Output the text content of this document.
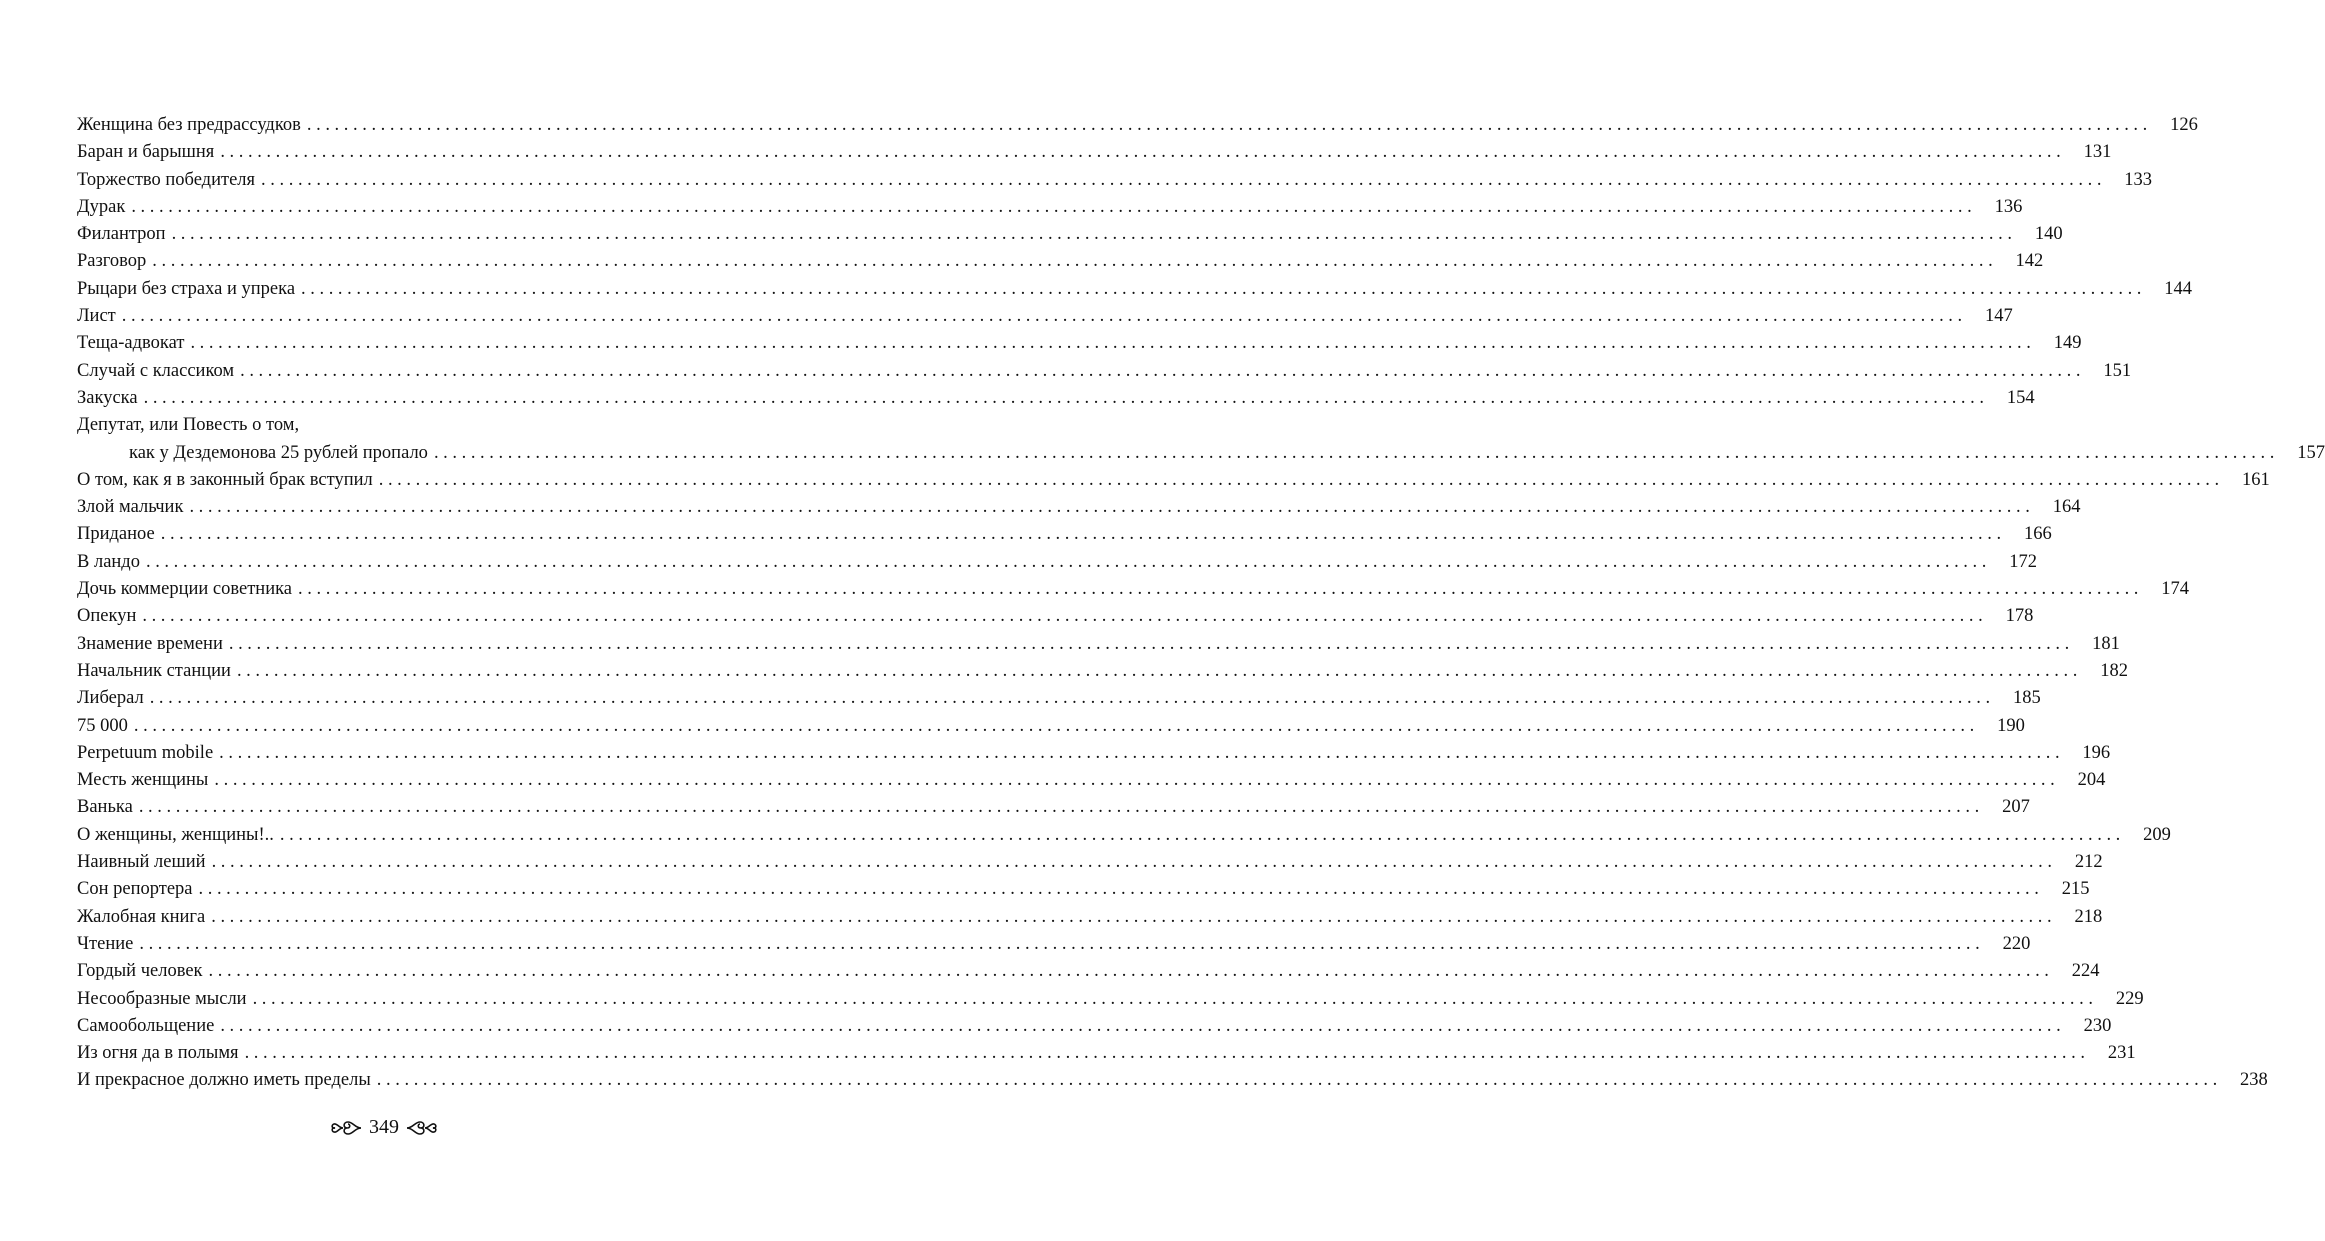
Женщина без предрассудков ........................................................................................................................................................................................................ 126
Баран и барышня ........................................................................................................................................................................................................ 131
Торжество победителя ........................................................................................................................................................................................................ 133
Дурак ........................................................................................................................................................................................................ 136
Филантроп ........................................................................................................................................................................................................ 140
Разговор ........................................................................................................................................................................................................ 142
Рыцари без страха и упрека ........................................................................................................................................................................................................ 144
Лист ........................................................................................................................................................................................................ 147
Теща-адвокат ........................................................................................................................................................................................................ 149
Случай с классиком ........................................................................................................................................................................................................ 151
Закуска ........................................................................................................................................................................................................ 154
Депутат, или Повесть о том,
как у Дездемонова 25 рублей пропало ........................................................................................................................................................................................................ 157
О том, как я в законный брак вступил ........................................................................................................................................................................................................ 161
Злой мальчик ........................................................................................................................................................................................................ 164
Приданое ........................................................................................................................................................................................................ 166
В ландо ........................................................................................................................................................................................................ 172
Дочь коммерции советника ........................................................................................................................................................................................................ 174
Опекун ........................................................................................................................................................................................................ 178
Знамение времени ........................................................................................................................................................................................................ 181
Начальник станции ........................................................................................................................................................................................................ 182
Либерал ........................................................................................................................................................................................................ 185
75 000 ........................................................................................................................................................................................................ 190
Perpetuum mobile ........................................................................................................................................................................................................ 196
Месть женщины ........................................................................................................................................................................................................ 204
Ванька ........................................................................................................................................................................................................ 207
О женщины, женщины!.. ........................................................................................................................................................................................................ 209
Наивный леший ........................................................................................................................................................................................................ 212
Сон репортера ........................................................................................................................................................................................................ 215
Жалобная книга ........................................................................................................................................................................................................ 218
Чтение ........................................................................................................................................................................................................ 220
Гордый человек ........................................................................................................................................................................................................ 224
Несообразные мысли ........................................................................................................................................................................................................ 229
Самообольщение ........................................................................................................................................................................................................ 230
Из огня да в полымя ........................................................................................................................................................................................................ 231
И прекрасное должно иметь пределы ........................................................................................................................................................................................................ 238
349
